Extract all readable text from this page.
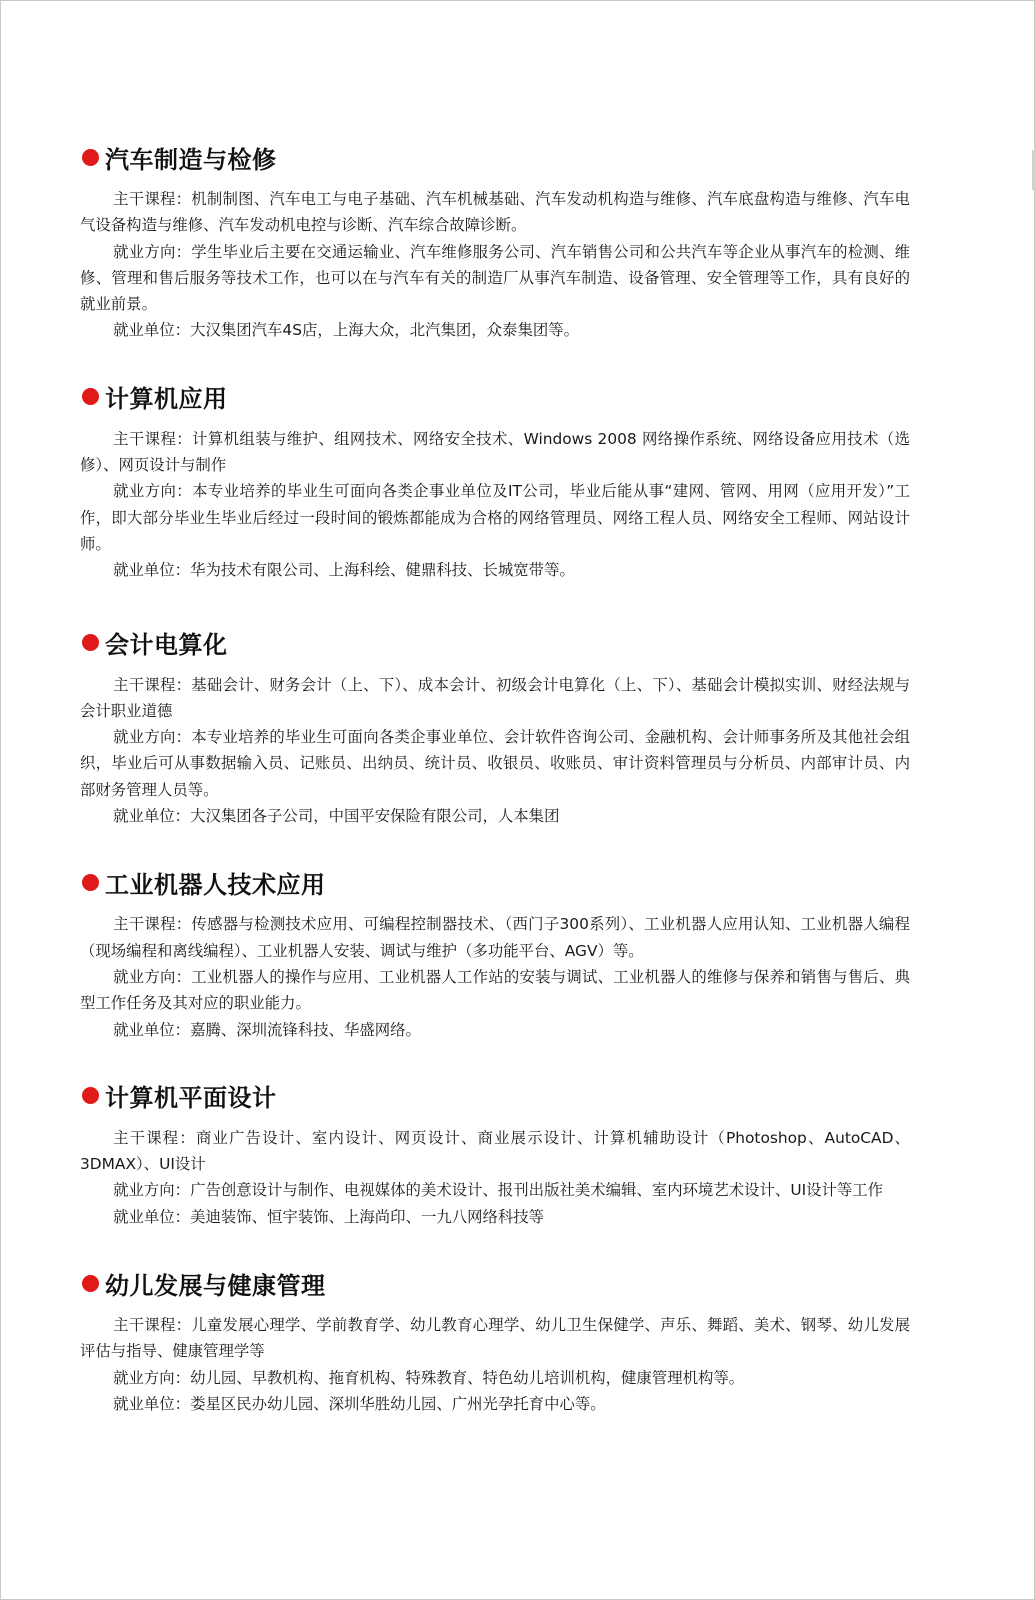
汽车制造与检修

主干课程：机制制图、汽车电工与电子基础、汽车机械基础、汽车发动机构造与维修、汽车底盘构造与维修、汽车电气设备构造与维修、汽车发动机电控与诊断、汽车综合故障诊断。

就业方向：学生毕业后主要在交通运输业、汽车维修服务公司、汽车销售公司和公共汽车等企业从事汽车的检测、维修、管理和售后服务等技术工作，也可以在与汽车有关的制造厂从事汽车制造、设备管理、安全管理等工作，具有良好的就业前景。

就业单位：大汉集团汽车4S店，上海大众，北汽集团，众泰集团等。

计算机应用

主干课程：计算机组装与维护、组网技术、网络安全技术、Windows 2008 网络操作系统、网络设备应用技术（选修）、网页设计与制作

就业方向：本专业培养的毕业生可面向各类企事业单位及IT公司，毕业后能从事“建网、管网、用网（应用开发）”工作，即大部分毕业生毕业后经过一段时间的锻炼都能成为合格的网络管理员、网络工程人员、网络安全工程师、网站设计师。

就业单位：华为技术有限公司、上海科绘、健鼎科技、长城宽带等。

会计电算化

主干课程：基础会计、财务会计（上、下）、成本会计、初级会计电算化（上、下）、基础会计模拟实训、财经法规与会计职业道德

就业方向：本专业培养的毕业生可面向各类企事业单位、会计软件咨询公司、金融机构、会计师事务所及其他社会组织，毕业后可从事数据输入员、记账员、出纳员、统计员、收银员、收账员、审计资料管理员与分析员、内部审计员、内部财务管理人员等。

就业单位：大汉集团各子公司，中国平安保险有限公司，人本集团

工业机器人技术应用

主干课程：传感器与检测技术应用、可编程控制器技术、（西门子300系列）、工业机器人应用认知、工业机器人编程（现场编程和离线编程）、工业机器人安装、调试与维护（多功能平台、AGV）等。

就业方向：工业机器人的操作与应用、工业机器人工作站的安装与调试、工业机器人的维修与保养和销售与售后、典型工作任务及其对应的职业能力。

就业单位：嘉腾、深圳流锋科技、华盛网络。

计算机平面设计

主干课程：商业广告设计、室内设计、网页设计、商业展示设计、计算机辅助设计（Photoshop、AutoCAD、3DMAX）、UI设计

就业方向：广告创意设计与制作、电视媒体的美术设计、报刊出版社美术编辑、室内环境艺术设计、UI设计等工作

就业单位：美迪装饰、恒宇装饰、上海尚印、一九八网络科技等

幼儿发展与健康管理

主干课程：儿童发展心理学、学前教育学、幼儿教育心理学、幼儿卫生保健学、声乐、舞蹈、美术、钢琴、幼儿发展评估与指导、健康管理学等

就业方向：幼儿园、早教机构、拖育机构、特殊教育、特色幼儿培训机构，健康管理机构等。

就业单位：娄星区民办幼儿园、深圳华胜幼儿园、广州光孕托育中心等。
